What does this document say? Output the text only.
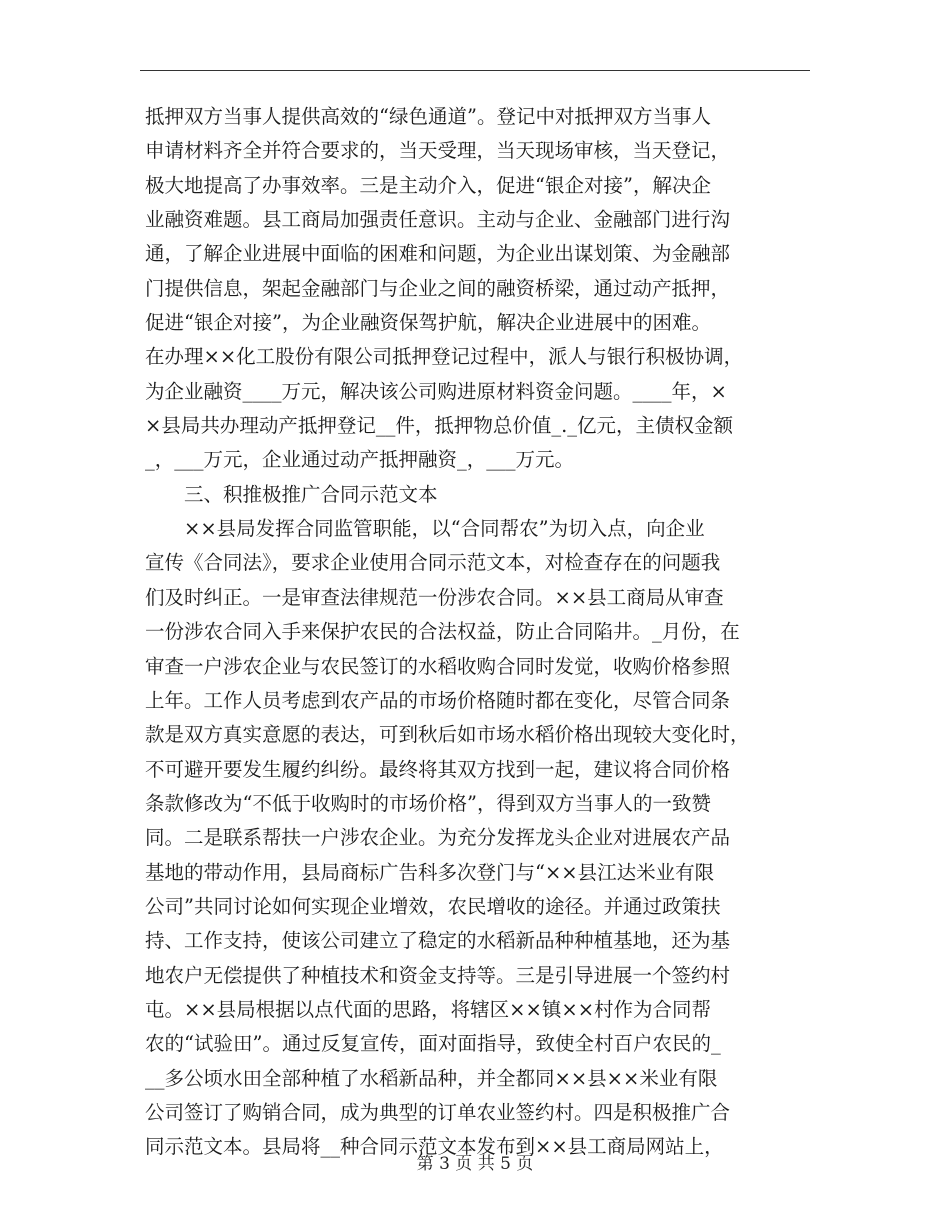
抵押双方当事人提供高效的“绿色通道”。登记中对抵押双方当事人
申请材料齐全并符合要求的，当天受理，当天现场审核，当天登记，
极大地提高了办事效率。三是主动介入，促进“银企对接”，解决企
业融资难题。县工商局加强责任意识。主动与企业、金融部门进行沟
通，了解企业进展中面临的困难和问题，为企业出谋划策、为金融部
门提供信息，架起金融部门与企业之间的融资桥梁，通过动产抵押，
促进“银企对接”，为企业融资保驾护航，解决企业进展中的困难。
在办理××化工股份有限公司抵押登记过程中，派人与银行积极协调，
为企业融资____万元，解决该公司购进原材料资金问题。____年，×
×县局共办理动产抵押登记__件，抵押物总价值_._亿元，主债权金额
_，___万元，企业通过动产抵押融资_，___万元。
三、积推极推广合同示范文本
××县局发挥合同监管职能，以“合同帮农”为切入点，向企业
宣传《合同法》，要求企业使用合同示范文本，对检查存在的问题我
们及时纠正。一是审查法律规范一份涉农合同。××县工商局从审查
一份涉农合同入手来保护农民的合法权益，防止合同陷井。_月份，在
审查一户涉农企业与农民签订的水稻收购合同时发觉，收购价格参照
上年。工作人员考虑到农产品的市场价格随时都在变化，尽管合同条
款是双方真实意愿的表达，可到秋后如市场水稻价格出现较大变化时，
不可避开要发生履约纠纷。最终将其双方找到一起，建议将合同价格
条款修改为“不低于收购时的市场价格”，得到双方当事人的一致赞
同。二是联系帮扶一户涉农企业。为充分发挥龙头企业对进展农产品
基地的带动作用，县局商标广告科多次登门与“××县江达米业有限
公司”共同讨论如何实现企业增效，农民增收的途径。并通过政策扶
持、工作支持，使该公司建立了稳定的水稻新品种种植基地，还为基
地农户无偿提供了种植技术和资金支持等。三是引导进展一个签约村
屯。××县局根据以点代面的思路，将辖区××镇××村作为合同帮
农的“试验田”。通过反复宣传，面对面指导，致使全村百户农民的_
__多公顷水田全部种植了水稻新品种，并全都同××县××米业有限
公司签订了购销合同，成为典型的订单农业签约村。四是积极推广合
同示范文本。县局将__种合同示范文本发布到××县工商局网站上，
第 3 页 共 5 页
